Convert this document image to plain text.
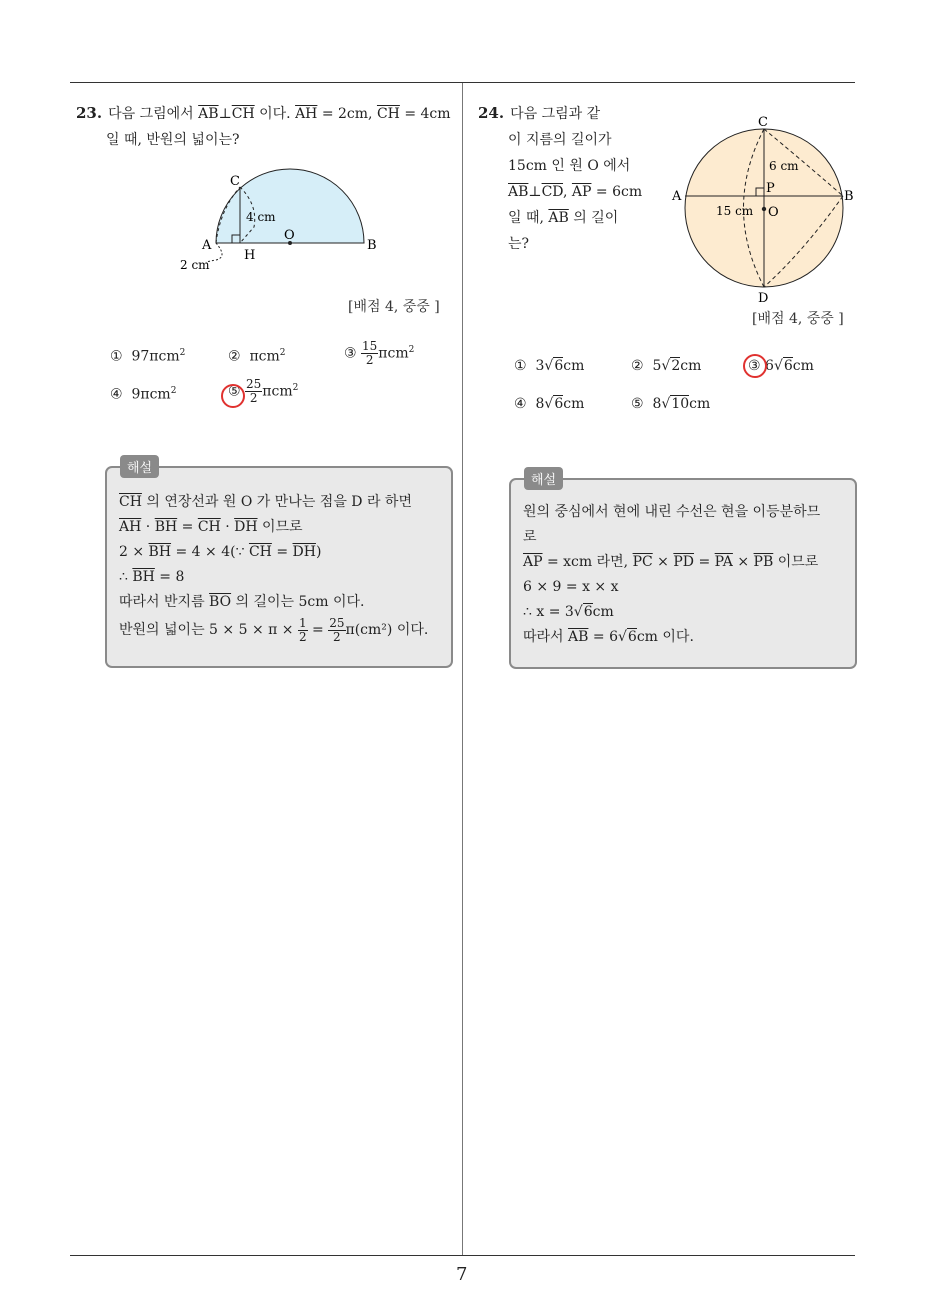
7
23. 다음 그림에서 $\overline{AB}\perp\overline{CH}$ 이다. $\overline{AH} = 2cm$, $\overline{CH} = 4cm$
일 때, 반원의 넓이는?
C
4 cm
A
H
O
B
2 cm
[배점 4, 중중 ]
① 97πcm$^2$	② πcm$^2$	③ $\frac{15}{2} \pi cm^2$
④ 9πcm$^2$	⑤ $\frac{25}{2} \pi cm^2$
$\overline{CH}$ 의 연장선과 원 O 가 만나는 점을 D 라 하면
$\overline{AH} \cdot \overline{BH} = \overline{CH} \cdot \overline{DH}$ 이므로
$2 \times \overline{BH} = 4$ × 4(∵ $\overline{CH} = \overline{DH}$)
∴ $\overline{BH} = 8$
따라서 반지름 $\overline{BO}$ 의 길이는 5cm 이다.
반원의 넓이는 $5 \times 5 \times \pi \times \frac{1}{2} = \frac{25}{2} \pi(cm^2)$ 이다.
해설
24. 다음 그림과 같
이 지름의 길이가
15cm 인 원 O 에서
$\overline{AB}\perp\overline{CD}$, $\overline{AP} = 6cm$
일 때, $\overline{AB}$ 의 길이
는?
C
6 cm
P
A	B
15 cm O
D
[배점 4, 중중 ]
① 3√6cm	② 5√2cm	③ 6√6cm
④ 8√6cm	⑤ 8√10cm
원의 중심에서 현에 내린 수선은 현을 이등분하므
로
$\overline{AP}$ = xcm 라면, $\overline{PC} \times \overline{PD} = \overline{PA} \times \overline{PB}$ 이므로
6 × 9 = x × x
∴ x = 3√6cm
따라서 $\overline{AB} = 6√6cm$ 이다.
해설
